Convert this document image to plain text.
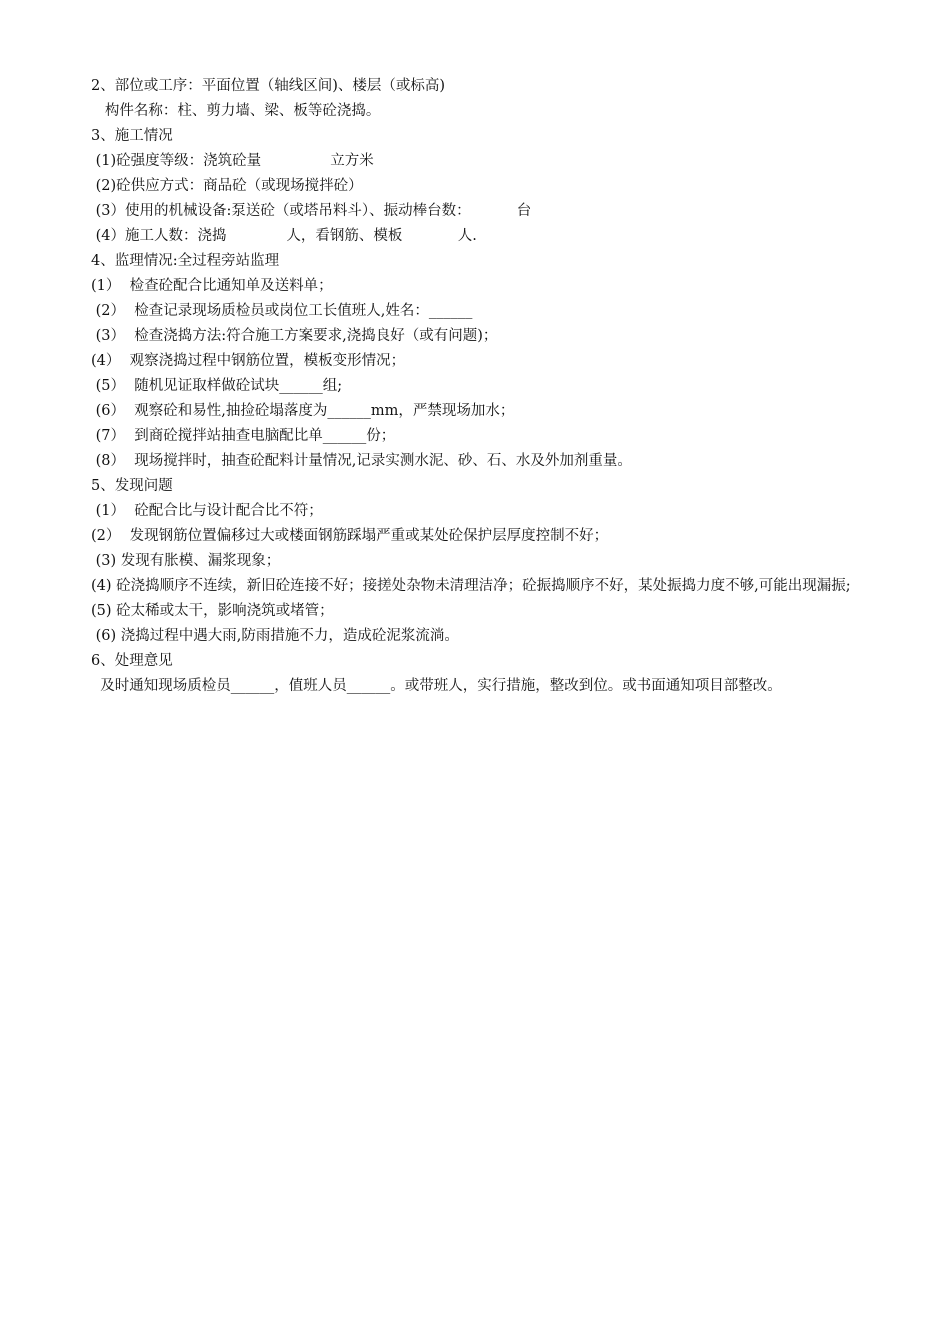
2、部位或工序：平面位置（轴线区间)、楼层（或标高)
构件名称：柱、剪力墙、梁、板等砼浇捣。
3、施工情况
(1)砼强度等级：浇筑砼量               立方米
(2)砼供应方式：商品砼（或现场搅拌砼）
(3）使用的机械设备:泵送砼（或塔吊料斗）、振动棒台数：          台
(4）施工人数：浇捣             人，看钢筋、模板            人.
4、监理情况:全过程旁站监理
(1）  检查砼配合比通知单及送料单；
(2）  检查记录现场质检员或岗位工长值班人,姓名：______
(3）  检查浇捣方法:符合施工方案要求,浇捣良好（或有问题)；
(4）  观察浇捣过程中钢筋位置，模板变形情况；
(5）  随机见证取样做砼试块______组;
(6）  观察砼和易性,抽捡砼塌落度为______mm，严禁现场加水；
(7）  到商砼搅拌站抽查电脑配比单______份；
(8）  现场搅拌时，抽查砼配料计量情况,记录实测水泥、砂、石、水及外加剂重量。
5、发现问题
(1）  砼配合比与设计配合比不符；
(2）  发现钢筋位置偏移过大或楼面钢筋踩塌严重或某处砼保护层厚度控制不好；
(3) 发现有胀模、漏浆现象；
(4) 砼浇捣顺序不连续，新旧砼连接不好；接搓处杂物未清理洁净；砼振捣顺序不好，某处振捣力度不够,可能出现漏振;
(5) 砼太稀或太干，影响浇筑或堵管；
(6) 浇捣过程中遇大雨,防雨措施不力，造成砼泥浆流淌。
6、处理意见
及时通知现场质检员______，值班人员______。或带班人，实行措施，整改到位。或书面通知项目部整改。
